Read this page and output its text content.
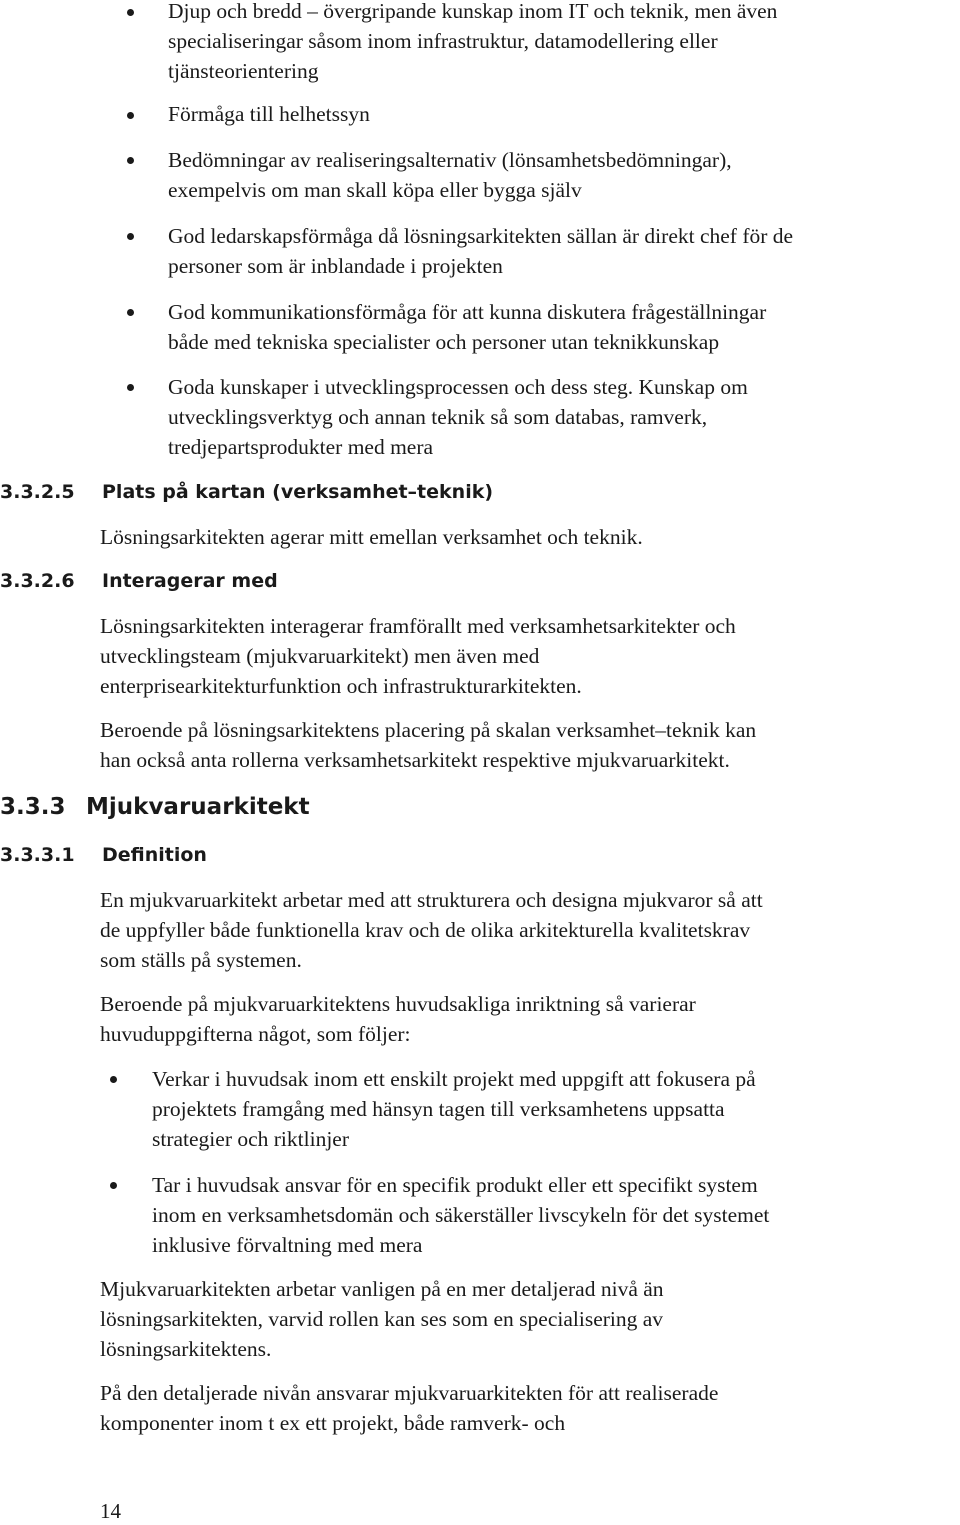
Djup och bredd – övergripande kunskap inom IT och teknik, men även
specialiseringar såsom inom infrastruktur, datamodellering eller
tjänsteorientering
Förmåga till helhetssyn
Bedömningar av realiseringsalternativ (lönsamhetsbedömningar),
exempelvis om man skall köpa eller bygga själv
God ledarskapsförmåga då lösningsarkitekten sällan är direkt chef för de
personer som är inblandade i projekten
God kommunikationsförmåga för att kunna diskutera frågeställningar
både med tekniska specialister och personer utan teknikkunskap
Goda kunskaper i utvecklingsprocessen och dess steg. Kunskap om
utvecklingsverktyg och annan teknik så som databas, ramverk,
tredjepartsprodukter med mera
3.3.2.5 Plats på kartan (verksamhet–teknik)
Lösningsarkitekten agerar mitt emellan verksamhet och teknik.
3.3.2.6 Interagerar med
Lösningsarkitekten interagerar framförallt med verksamhetsarkitekter och
utvecklingsteam (mjukvaruarkitekt) men även med
enterprisearkitekturfunktion och infrastrukturarkitekten.
Beroende på lösningsarkitektens placering på skalan verksamhet–teknik kan
han också anta rollerna verksamhetsarkitekt respektive mjukvaruarkitekt.
3.3.3 Mjukvaruarkitekt
3.3.3.1 Definition
En mjukvaruarkitekt arbetar med att strukturera och designa mjukvaror så att
de uppfyller både funktionella krav och de olika arkitekturella kvalitetskrav
som ställs på systemen.
Beroende på mjukvaruarkitektens huvudsakliga inriktning så varierar
huvuduppgifterna något, som följer:
Verkar i huvudsak inom ett enskilt projekt med uppgift att fokusera på
projektets framgång med hänsyn tagen till verksamhetens uppsatta
strategier och riktlinjer
Tar i huvudsak ansvar för en specifik produkt eller ett specifikt system
inom en verksamhetsdomän och säkerställer livscykeln för det systemet
inklusive förvaltning med mera
Mjukvaruarkitekten arbetar vanligen på en mer detaljerad nivå än
lösningsarkitekten, varvid rollen kan ses som en specialisering av
lösningsarkitektens.
På den detaljerade nivån ansvarar mjukvaruarkitekten för att realiserade
komponenter inom t ex ett projekt, både ramverk- och
14
